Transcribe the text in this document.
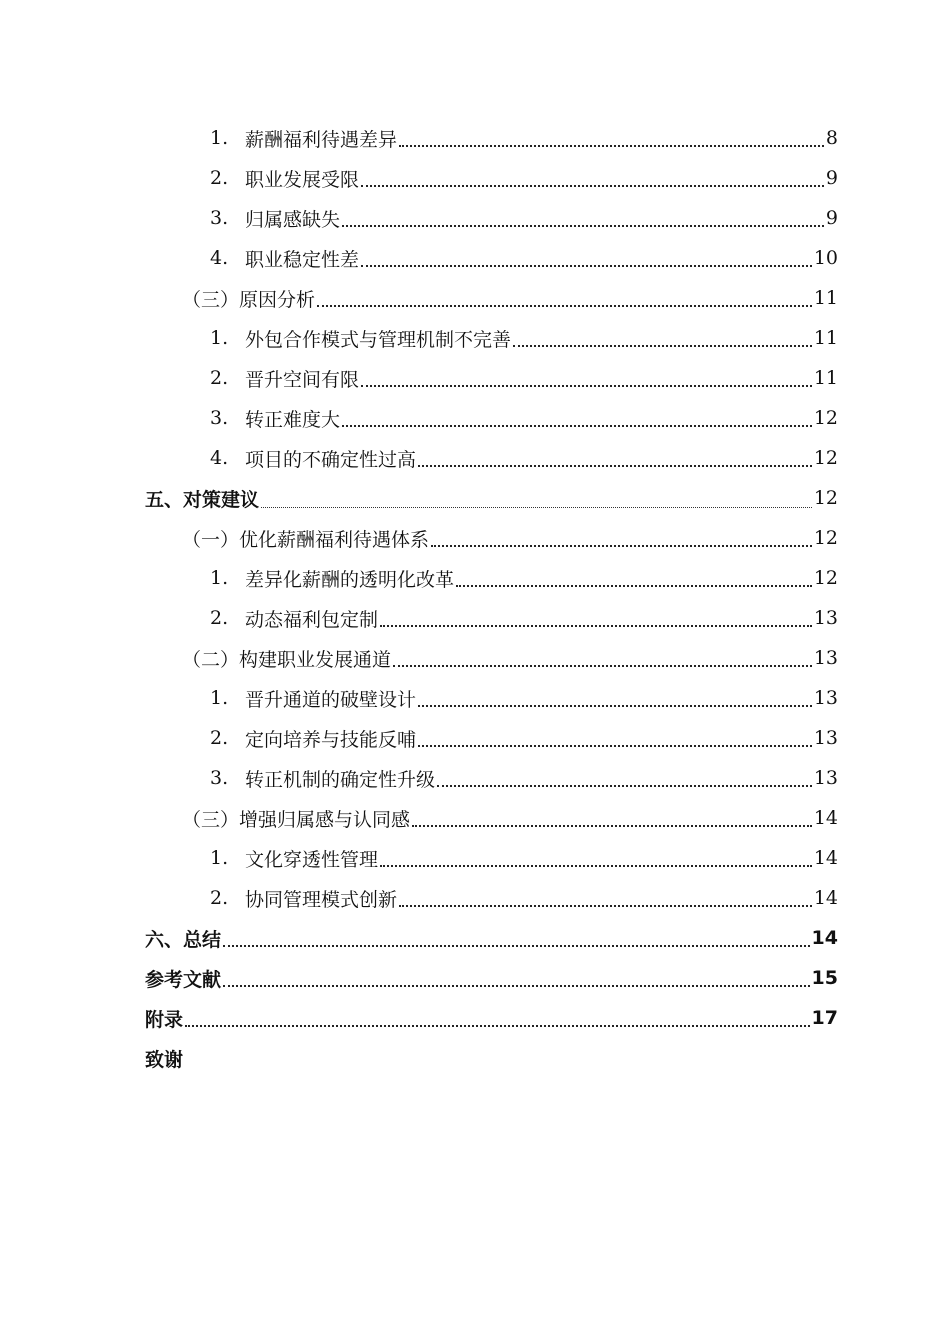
1. 薪酬福利待遇差异	8
2. 职业发展受限	9
3. 归属感缺失	9
4. 职业稳定性差	10
（三）原因分析	11
1. 外包合作模式与管理机制不完善	11
2. 晋升空间有限	11
3. 转正难度大	12
4. 项目的不确定性过高	12
五、对策建议	12
（一）优化薪酬福利待遇体系	12
1. 差异化薪酬的透明化改革	12
2. 动态福利包定制	13
（二）构建职业发展通道	13
1. 晋升通道的破壁设计	13
2. 定向培养与技能反哺	13
3. 转正机制的确定性升级	13
（三）增强归属感与认同感	14
1. 文化穿透性管理	14
2. 协同管理模式创新	14
六、总结	14
参考文献	15
附录	17
致谢
